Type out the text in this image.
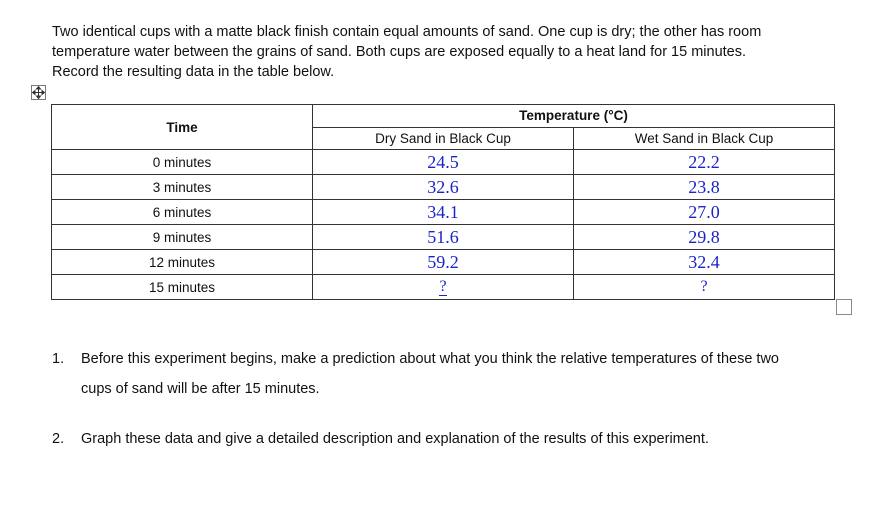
Two identical cups with a matte black finish contain equal amounts of sand. One cup is dry; the other has room

temperature water between the grains of sand. Both cups are exposed equally to a heat land for 15 minutes.

Record the resulting data in the table below.

Time	Temperature (°C)	
	Dry Sand in Black Cup	Wet Sand in Black Cup
0 minutes	24.5	22.2
3 minutes	32.6	23.8
6 minutes	34.1	27.0
9 minutes	51.6	29.8
12 minutes	59.2	32.4
15 minutes	?	?
1. Before this experiment begins, make a prediction about what you think the relative temperatures of these two
cups of sand will be after 15 minutes.
2. Graph these data and give a detailed description and explanation of the results of this experiment.
